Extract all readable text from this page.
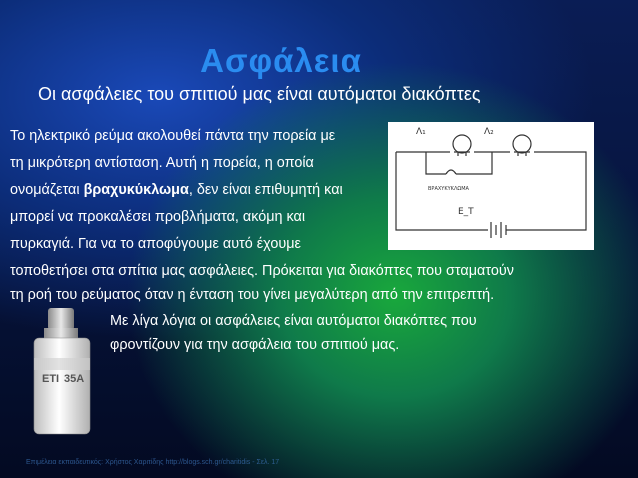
Ασφάλεια
Οι ασφάλειες του σπιτιού μας είναι αυτόματοι διακόπτες
Το ηλεκτρικό ρεύμα ακολουθεί πάντα την πορεία με
τη μικρότερη αντίσταση. Αυτή η πορεία, η οποία
ονομάζεται βραχυκύκλωμα, δεν είναι επιθυμητή και
μπορεί να προκαλέσει προβλήματα, ακόμη και
πυρκαγιά. Για να το αποφύγουμε αυτό έχουμε
τοποθετήσει στα σπίτια μας ασφάλειες. Πρόκειται για διακόπτες που σταματούν
τη ροή του ρεύματος όταν η ένταση του γίνει μεγαλύτερη από την επιτρεπτή.
Λ₁	Λ₂
ΒΡΑΧΥΚΥΚΛΩΜΑ
Ε_Τ
ETI 35A
Με λίγα λόγια οι ασφάλειες είναι αυτόματοι διακόπτες που
φροντίζουν για την ασφάλεια του σπιτιού μας.
Επιμέλεια εκπαιδευτικός: Χρήστος Χαριτίδης http://blogs.sch.gr/charitidis - Σελ. 17
